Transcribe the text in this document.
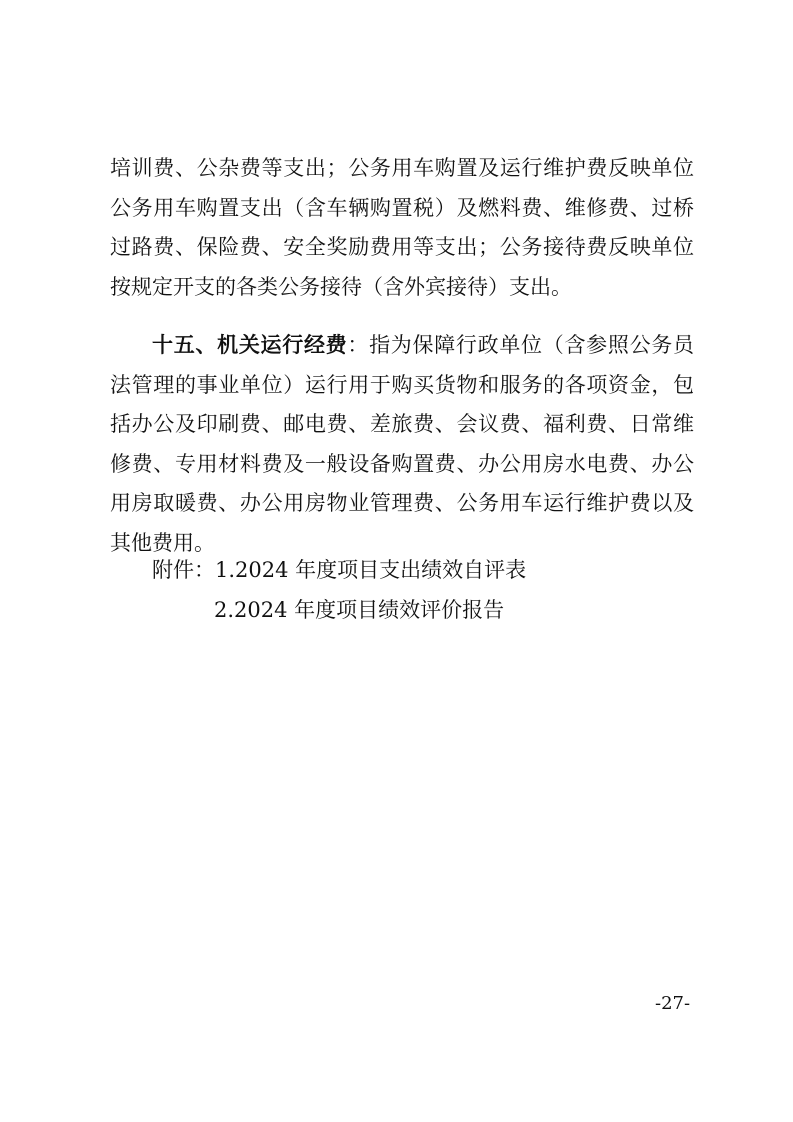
培训费、公杂费等支出；公务用车购置及运行维护费反映单位公务用车购置支出（含车辆购置税）及燃料费、维修费、过桥过路费、保险费、安全奖励费用等支出；公务接待费反映单位按规定开支的各类公务接待（含外宾接待）支出。

十五、机关运行经费：指为保障行政单位（含参照公务员法管理的事业单位）运行用于购买货物和服务的各项资金，包括办公及印刷费、邮电费、差旅费、会议费、福利费、日常维修费、专用材料费及一般设备购置费、办公用房水电费、办公用房取暖费、办公用房物业管理费、公务用车运行维护费以及其他费用。

附件：1.2024 年度项目支出绩效自评表
2.2024 年度项目绩效评价报告
-27-
